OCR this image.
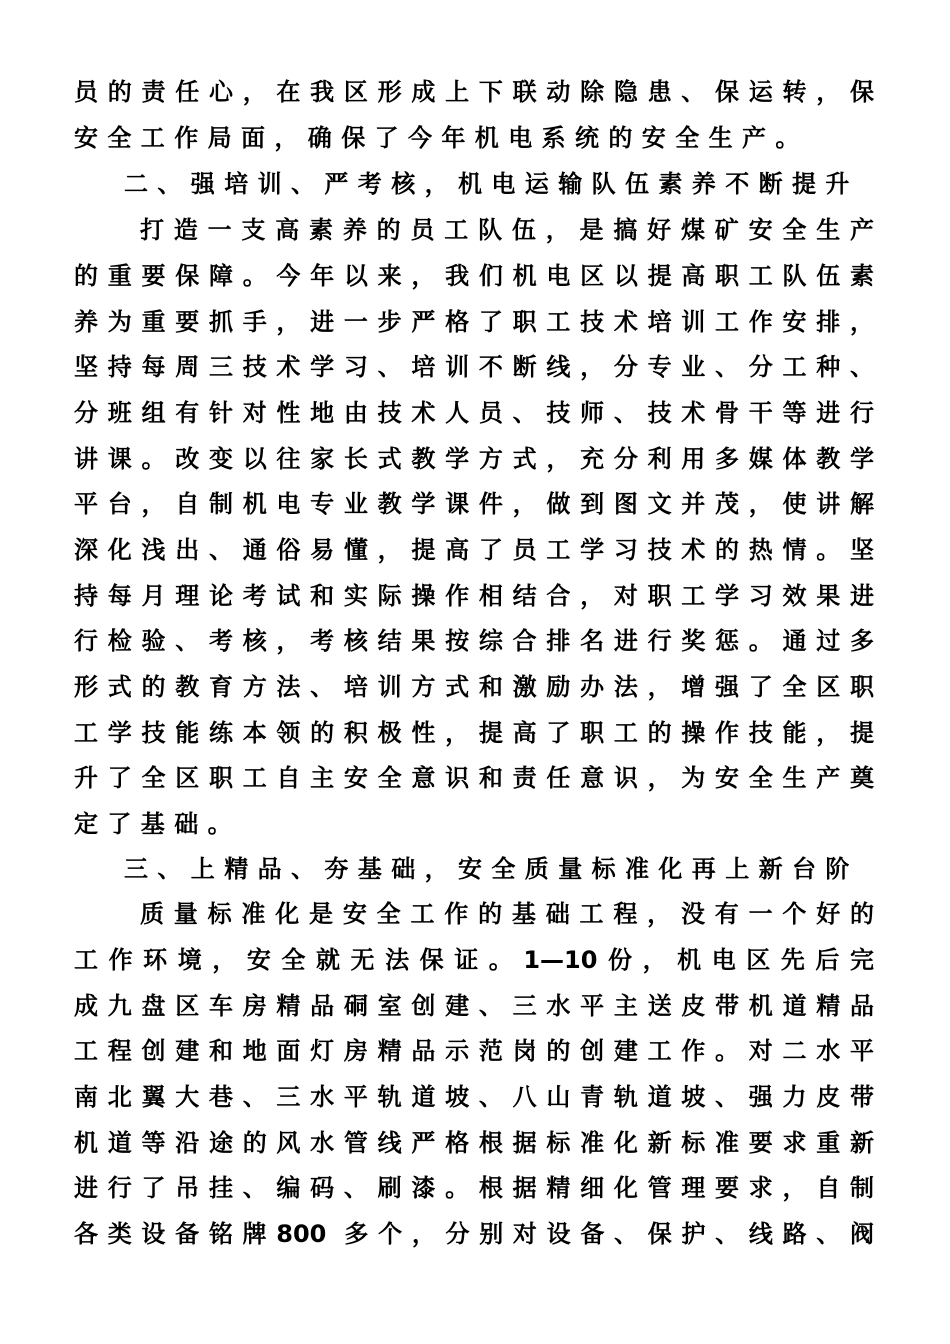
员的责任心，在我区形成上下联动除隐患、保运转，保
安全工作局面，确保了今年机电系统的安全生产。
二、强培训、严考核，机电运输队伍素养不断提升
打造一支高素养的员工队伍，是搞好煤矿安全生产
的重要保障。今年以来，我们机电区以提高职工队伍素
养为重要抓手，进一步严格了职工技术培训工作安排，
坚持每周三技术学习、培训不断线，分专业、分工种、
分班组有针对性地由技术人员、技师、技术骨干等进行
讲课。改变以往家长式教学方式，充分利用多媒体教学
平台，自制机电专业教学课件，做到图文并茂，使讲解
深化浅出、通俗易懂，提高了员工学习技术的热情。坚
持每月理论考试和实际操作相结合，对职工学习效果进
行检验、考核，考核结果按综合排名进行奖惩。通过多
形式的教育方法、培训方式和激励办法，增强了全区职
工学技能练本领的积极性，提高了职工的操作技能，提
升了全区职工自主安全意识和责任意识，为安全生产奠
定了基础。
三、上精品、夯基础，安全质量标准化再上新台阶
质量标准化是安全工作的基础工程，没有一个好的
工作环境，安全就无法保证。1—10份，机电区先后完
成九盘区车房精品硐室创建、三水平主送皮带机道精品
工程创建和地面灯房精品示范岗的创建工作。对二水平
南北翼大巷、三水平轨道坡、八山青轨道坡、强力皮带
机道等沿途的风水管线严格根据标准化新标准要求重新
进行了吊挂、编码、刷漆。根据精细化管理要求，自制
各类设备铭牌800 多个，分别对设备、保护、线路、阀
